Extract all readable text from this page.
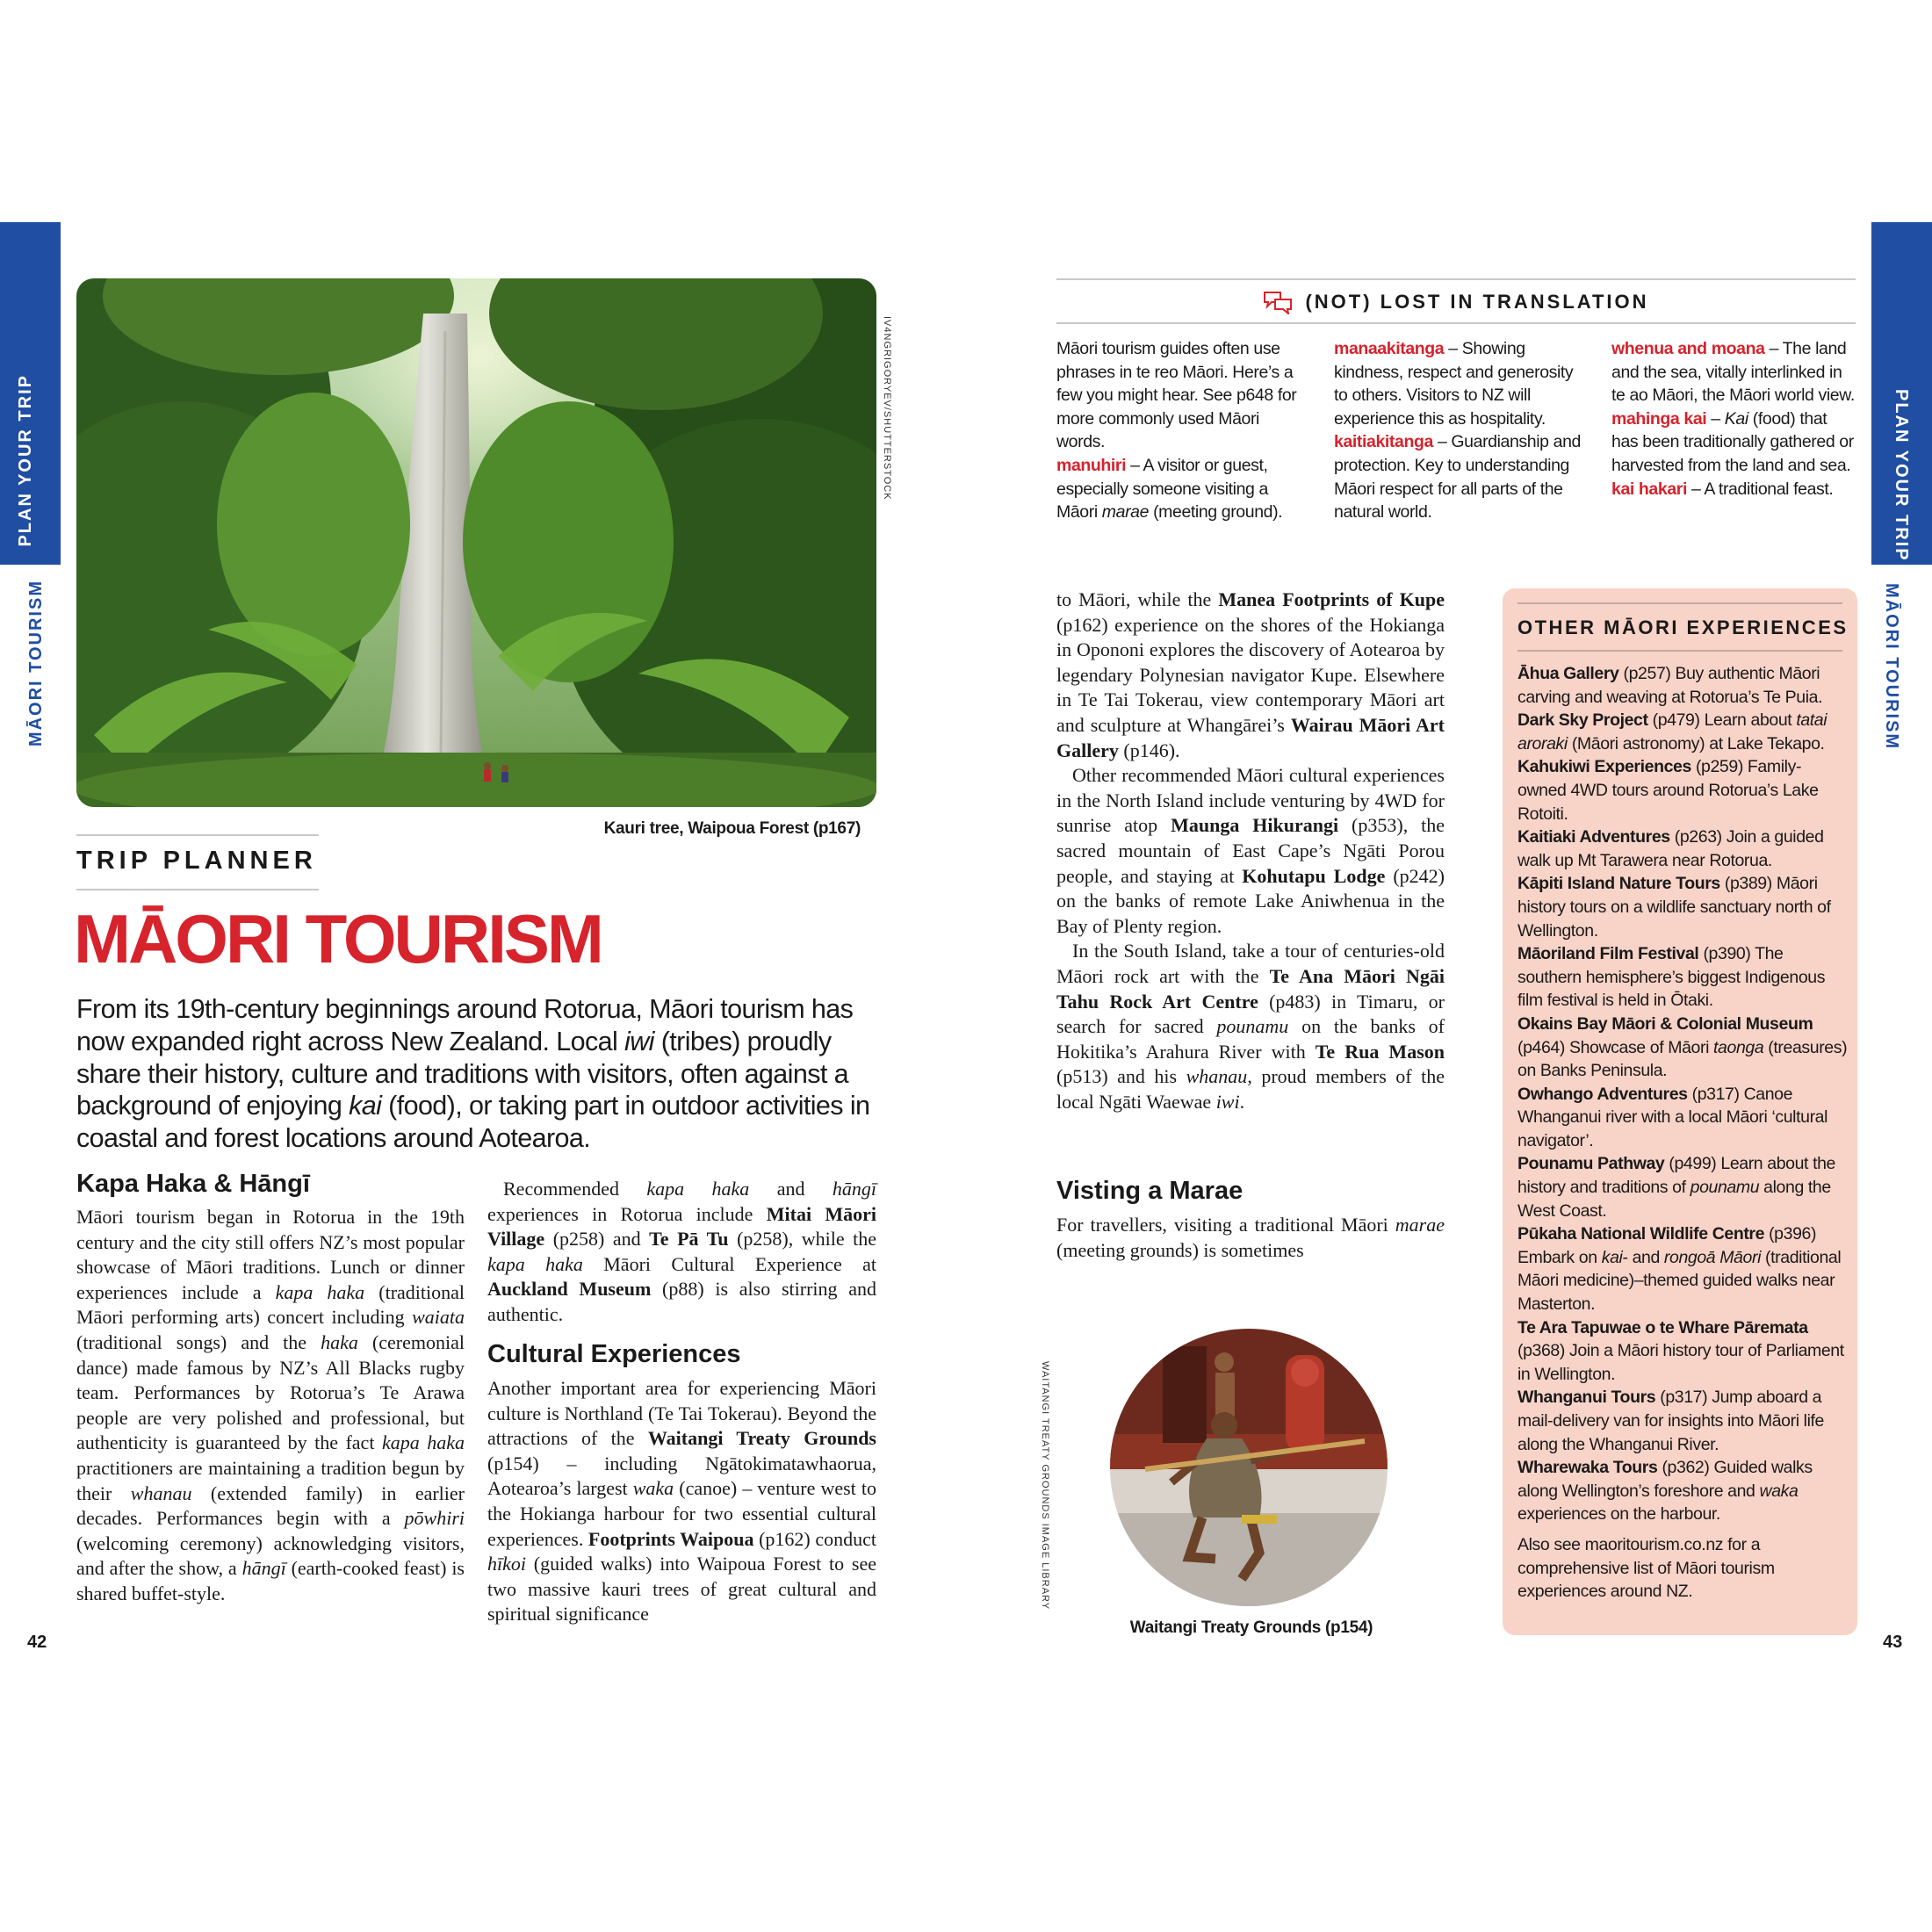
PLAN YOUR TRIP
MĀORI TOURISM
PLAN YOUR TRIP
MĀORI TOURISM
IV4NGRIGORYEV/SHUTTERSTOCK
Kauri tree, Waipoua Forest (p167)
TRIP PLANNER
MĀORI TOURISM
From its 19th-century beginnings around Rotorua, Māori tourism has now expanded right across New Zealand. Local iwi (tribes) proudly share their history, culture and traditions with visitors, often against a background of enjoying kai (food), or taking part in outdoor activities in coastal and forest locations around Aotearoa.
Kapa Haka & Hāngī
Māori tourism began in Rotorua in the 19th century and the city still offers NZ’s most popular showcase of Māori traditions. Lunch or dinner experiences include a kapa haka (traditional Māori performing arts) concert including waiata (traditional songs) and the haka (ceremonial dance) made famous by NZ’s All Blacks rugby team. Performances by Rotorua’s Te Arawa people are very polished and professional, but authenticity is guaranteed by the fact kapa haka practitioners are maintaining a tradition begun by their whanau (extended family) in earlier decades. Performances begin with a pōwhiri (welcoming ceremony) acknowledging visitors, and after the show, a hāngī (earth-cooked feast) is shared buffet-style.

Recommended kapa haka and hāngī experiences in Rotorua include Mitai Māori Village (p258) and Te Pā Tu (p258), while the kapa haka Māori Cultural Experience at Auckland Museum (p88) is also stirring and authentic.

Cultural Experiences
Another important area for experiencing Māori culture is Northland (Te Tai Tokerau). Beyond the attractions of the Waitangi Treaty Grounds (p154) – including Ngātokimatawhaorua, Aotearoa’s largest waka (canoe) – venture west to the Hokianga harbour for two essential cultural experiences. Footprints Waipoua (p162) conduct hīkoi (guided walks) into Waipoua Forest to see two massive kauri trees of great cultural and spiritual significance
42
(NOT) LOST IN TRANSLATION

Māori tourism guides often use phrases in te reo Māori. Here’s a few you might hear. See p648 for more commonly used Māori words.

manuhiri – A visitor or guest, especially someone visiting a Māori marae (meeting ground).

manaakitanga – Showing kindness, respect and generosity to others. Visitors to NZ will experience this as hospitality.

kaitiakitanga – Guardianship and protection. Key to understanding Māori respect for all parts of the natural world.

whenua and moana – The land and the sea, vitally interlinked in te ao Māori, the Māori world view.

mahinga kai – Kai (food) that has been traditionally gathered or harvested from the land and sea.

kai hakari – A traditional feast.

to Māori, while the Manea Footprints of Kupe (p162) experience on the shores of the Hokianga in Opononi explores the discovery of Aotearoa by legendary Polynesian navigator Kupe. Elsewhere in Te Tai Tokerau, view contemporary Māori art and sculpture at Whangārei’s Wairau Māori Art Gallery (p146).

Other recommended Māori cultural experiences in the North Island include venturing by 4WD for sunrise atop Maunga Hikurangi (p353), the sacred mountain of East Cape’s Ngāti Porou people, and staying at Kohutapu Lodge (p242) on the banks of remote Lake Aniwhenua in the Bay of Plenty region.

In the South Island, take a tour of centuries-old Māori rock art with the Te Ana Māori Ngāi Tahu Rock Art Centre (p483) in Timaru, or search for sacred pounamu on the banks of Hokitika’s Arahura River with Te Rua Mason (p513) and his whanau, proud members of the local Ngāti Waewae iwi.

Visting a Marae
For travellers, visiting a traditional Māori marae (meeting grounds) is sometimes
WAITANGI TREATY GROUNDS IMAGE LIBRARY
Waitangi Treaty Grounds (p154)
OTHER MĀORI EXPERIENCES

Āhua Gallery (p257) Buy authentic Māori carving and weaving at Rotorua’s Te Puia.

Dark Sky Project (p479) Learn about tatai aroraki (Māori astronomy) at Lake Tekapo.

Kahukiwi Experiences (p259) Family-owned 4WD tours around Rotorua’s Lake Rotoiti.

Kaitiaki Adventures (p263) Join a guided walk up Mt Tarawera near Rotorua.

Kāpiti Island Nature Tours (p389) Māori history tours on a wildlife sanctuary north of Wellington.

Māoriland Film Festival (p390) The southern hemisphere’s biggest Indigenous film festival is held in Ōtaki.

Okains Bay Māori & Colonial Museum (p464) Showcase of Māori taonga (treasures) on Banks Peninsula.

Owhango Adventures (p317) Canoe Whanganui river with a local Māori ‘cultural navigator’.

Pounamu Pathway (p499) Learn about the history and traditions of pounamu along the West Coast.

Pūkaha National Wildlife Centre (p396) Embark on kai- and rongoā Māori (traditional Māori medicine)–themed guided walks near Masterton.

Te Ara Tapuwae o te Whare Pāremata (p368) Join a Māori history tour of Parliament in Wellington.

Whanganui Tours (p317) Jump aboard a mail-delivery van for insights into Māori life along the Whanganui River.

Wharewaka Tours (p362) Guided walks along Wellington’s foreshore and waka experiences on the harbour.

Also see maoritourism.co.nz for a comprehensive list of Māori tourism experiences around NZ.

43
